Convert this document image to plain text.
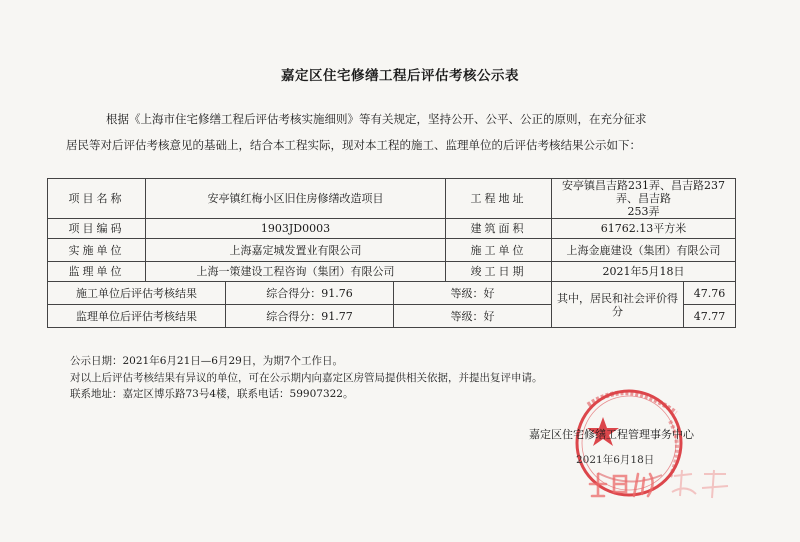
嘉定区住宅修缮工程后评估考核公示表
根据《上海市住宅修缮工程后评估考核实施细则》等有关规定，坚持公开、公平、公正的原则，在充分征求
居民等对后评估考核意见的基础上，结合本工程实际，现对本工程的施工、监理单位的后评估考核结果公示如下：
项目名称	安亭镇红梅小区旧住房修缮改造项目			工程地址	安亭镇昌吉路231弄、昌吉路237弄、昌吉路
253弄	

项目编码	1903JD0003			建筑面积	61762.13平方米	
实施单位	上海嘉定城发置业有限公司			施工单位	上海金鹿建设（集团）有限公司	
监理单位	上海一策建设工程咨询（集团）有限公司			竣工日期	2021年5月18日	
施工单位后评估考核结果		综合得分：91.76	等级：好		其中，居民和社会评价得分	47.76
监理单位后评估考核结果		综合得分：91.77	等级：好			47.77
公示日期：2021年6月21日—6月29日，为期7个工作日。
对以上后评估考核结果有异议的单位，可在公示期内向嘉定区房管局提供相关依据，并提出复评申请。
联系地址：嘉定区博乐路73号4楼，联系电话：59907322。
嘉定区住宅修缮工程管理事务中心
2021年6月18日
